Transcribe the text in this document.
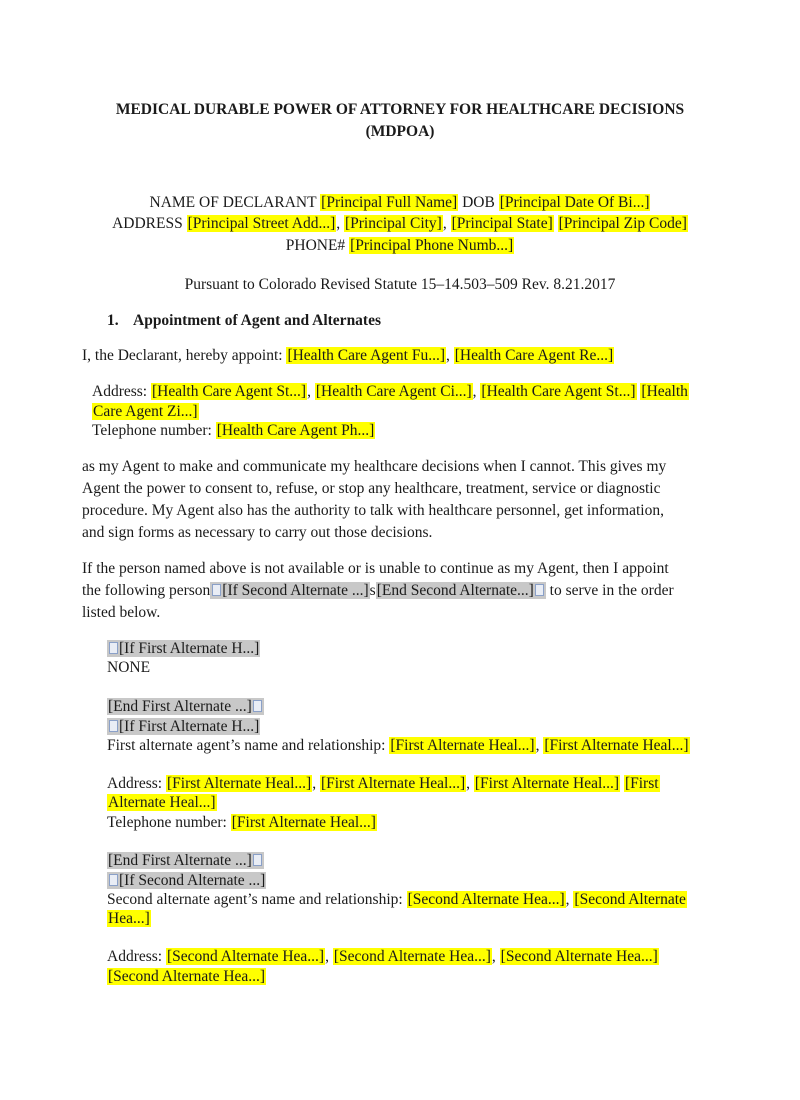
MEDICAL DURABLE POWER OF ATTORNEY FOR HEALTHCARE DECISIONS
(MDPOA)
NAME OF DECLARANT [Principal Full Name] DOB [Principal Date Of Bi...]
ADDRESS [Principal Street Add...], [Principal City], [Principal State] [Principal Zip Code]
PHONE# [Principal Phone Numb...]
Pursuant to Colorado Revised Statute 15–14.503–509 Rev. 8.21.2017
1. Appointment of Agent and Alternates
I, the Declarant, hereby appoint: [Health Care Agent Fu...], [Health Care Agent Re...]
Address: [Health Care Agent St...], [Health Care Agent Ci...], [Health Care Agent St...] [Health
Care Agent Zi...]
Telephone number: [Health Care Agent Ph...]
as my Agent to make and communicate my healthcare decisions when I cannot. This gives my
Agent the power to consent to, refuse, or stop any healthcare, treatment, service or diagnostic
procedure. My Agent also has the authority to talk with healthcare personnel, get information,
and sign forms as necessary to carry out those decisions.
If the person named above is not available or is unable to continue as my Agent, then I appoint
the following person [If Second Alternate ...]s[End Second Alternate...] to serve in the order
listed below.
[If First Alternate H...]
NONE
[End First Alternate ...]
[If First Alternate H...]
First alternate agent’s name and relationship: [First Alternate Heal...], [First Alternate Heal...]
Address: [First Alternate Heal...], [First Alternate Heal...], [First Alternate Heal...] [First
Alternate Heal...]
Telephone number: [First Alternate Heal...]
[End First Alternate ...]
[If Second Alternate ...]
Second alternate agent’s name and relationship: [Second Alternate Hea...], [Second Alternate
Hea...]
Address: [Second Alternate Hea...], [Second Alternate Hea...], [Second Alternate Hea...]
[Second Alternate Hea...]
